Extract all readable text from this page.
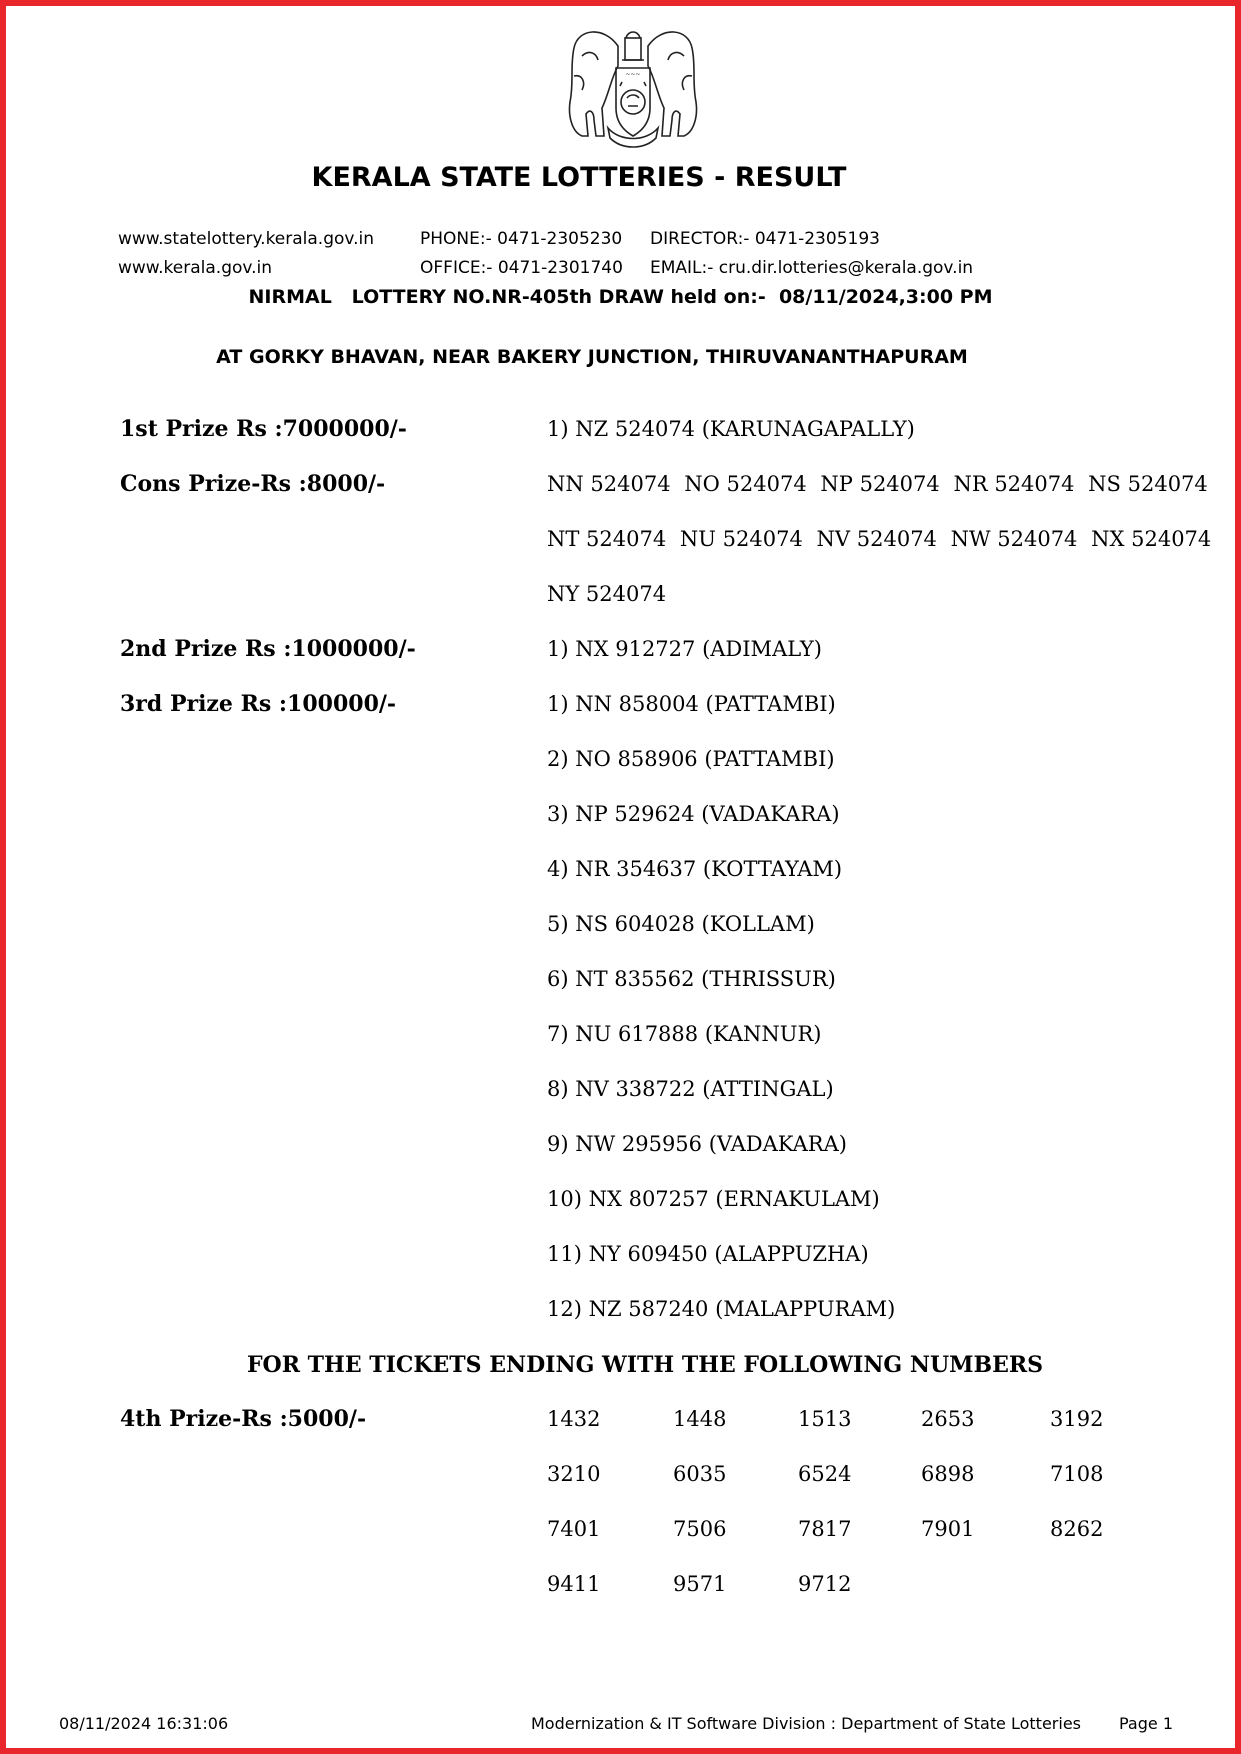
~~~
KERALA STATE LOTTERIES - RESULT
www.statelottery.kerala.gov.in	PHONE:- 0471-2305230 DIRECTOR:- 0471-2305193
www.kerala.gov.in	OFFICE:- 0471-2301740 EMAIL:- cru.dir.lotteries@kerala.gov.in
NIRMAL   LOTTERY NO.NR-405th DRAW held on:-  08/11/2024,3:00 PM
AT GORKY BHAVAN, NEAR BAKERY JUNCTION, THIRUVANANTHAPURAM
1st Prize Rs :7000000/-	1) NZ 524074 (KARUNAGAPALLY)
Cons Prize-Rs :8000/-	NN 524074 NO 524074 NP 524074 NR 524074 NS 524074
NT 524074 NU 524074 NV 524074 NW 524074 NX 524074
NY 524074
2nd Prize Rs :1000000/-	1) NX 912727 (ADIMALY)
3rd Prize Rs :100000/-	1) NN 858004 (PATTAMBI)
2) NO 858906 (PATTAMBI)
3) NP 529624 (VADAKARA)
4) NR 354637 (KOTTAYAM)
5) NS 604028 (KOLLAM)
6) NT 835562 (THRISSUR)
7) NU 617888 (KANNUR)
8) NV 338722 (ATTINGAL)
9) NW 295956 (VADAKARA)
10) NX 807257 (ERNAKULAM)
11) NY 609450 (ALAPPUZHA)
12) NZ 587240 (MALAPPURAM)
FOR THE TICKETS ENDING WITH THE FOLLOWING NUMBERS
4th Prize-Rs :5000/-	1432	1448	1513	2653	3192
3210	6035	6524	6898	7108
7401	7506	7817	7901	8262
9411	9571	9712
08/11/2024 16:31:06	Modernization & IT Software Division : Department of State Lotteries Page 1
